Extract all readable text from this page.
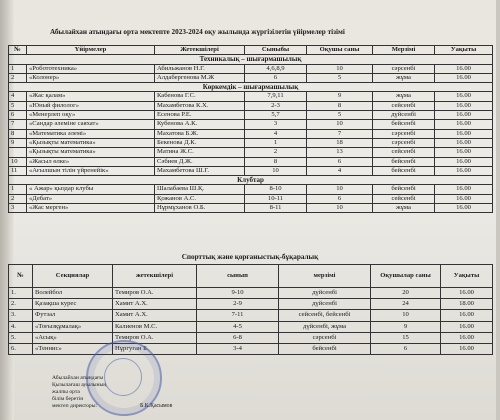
Абылайхан атындағы орта мектепте 2023-2024 оқу жылында жүргізілетін үйірмелер тізімі
№	Үйірмелер	Жетекшілері	Сыныбы	Оқушы саны	Мерзімі	Уақыты
Техникалық – шығармашылық						
1	«Робототехника»	Абильжанов Н.Г.	4,6,8,9	10	сәрсенбі	16.00
2	«Колонер»	Алдабергенова М.Ж	6	5	жұма	16.00
Көркемдік – шығармашылық						
4	«Жас қалам»	Кабенова Г.С.	7,9,11	9	жұма	16.00
5	«Юный филолог»	Махамбетова К.Х.	2-3	8	сейсенбі	16.00
6	«Менерлеп оқу»	Есенова Р.Е.	5,7	5	дүйсенбі	16.00
7	«Сандар әлеміне саяхат»	Кубенова А.К.	3	10	бейсенбі	16.00
8	«Математика әлемі»	Махатова Б.Ж.	4	7	сәрсенбі	16.00
9	«Қызықты математика»	Бекенова Д.К.	1	18	сәрсенбі	16.00
	«Қызықты математика»	Матина Ж.С.	2	13	сейсенбі	16.00
10	«Жасыл өлке»	Сәбиев Д.Ж.	8	6	бейсенбі	16.00
11	«Ағылшын тілін үйренейік»	Махамбетова Ш.Г.	10	4	бейсенбі	16.00
Клубтар						
1	« Ажар» қыздар клубы	Шалабаева Ш.Қ.	8-10	10	бейсенбі	16.00
2	«Дебат»	Қожанов А.С.	10-11	6	сейсенбі	16.00
3	«Жас мерген»	Нұрмұханов О.Б.	8-11	10	жұма	16.00
Спорттық және қорғаныстық-бұқаралық
№	Секциялар	жетекшілері	сынып	мерзімі	Оқушылар саны	Уақыты
1.	Волейбол	Темиров О.А.	9-10	дүйсенбі	20	16.00
2.	Қазақша курес	Хамит А.Х.	2-9	дүйсенбі	24	18.00
3.	Футзал	Хамит А.Х.	7-11	сейсенбі, бейсенбі	10	16.00
4.	«Тоғызқұмалақ»	Калиенов М.С.	4-5	дүйсенбі, жұма	9	16.00
5.	«Асық»	Темиров О.А.	6-8	сәрсенбі	15	16.00
6.	«Теннис»	Нұргуган Б.	3-4	бейсенбі	6	16.00
Абылайхан атындағы
Қызылағаш ауылының
жалпы орта
білім беретін
мектеп директоры:	Б.К.Қасымов
